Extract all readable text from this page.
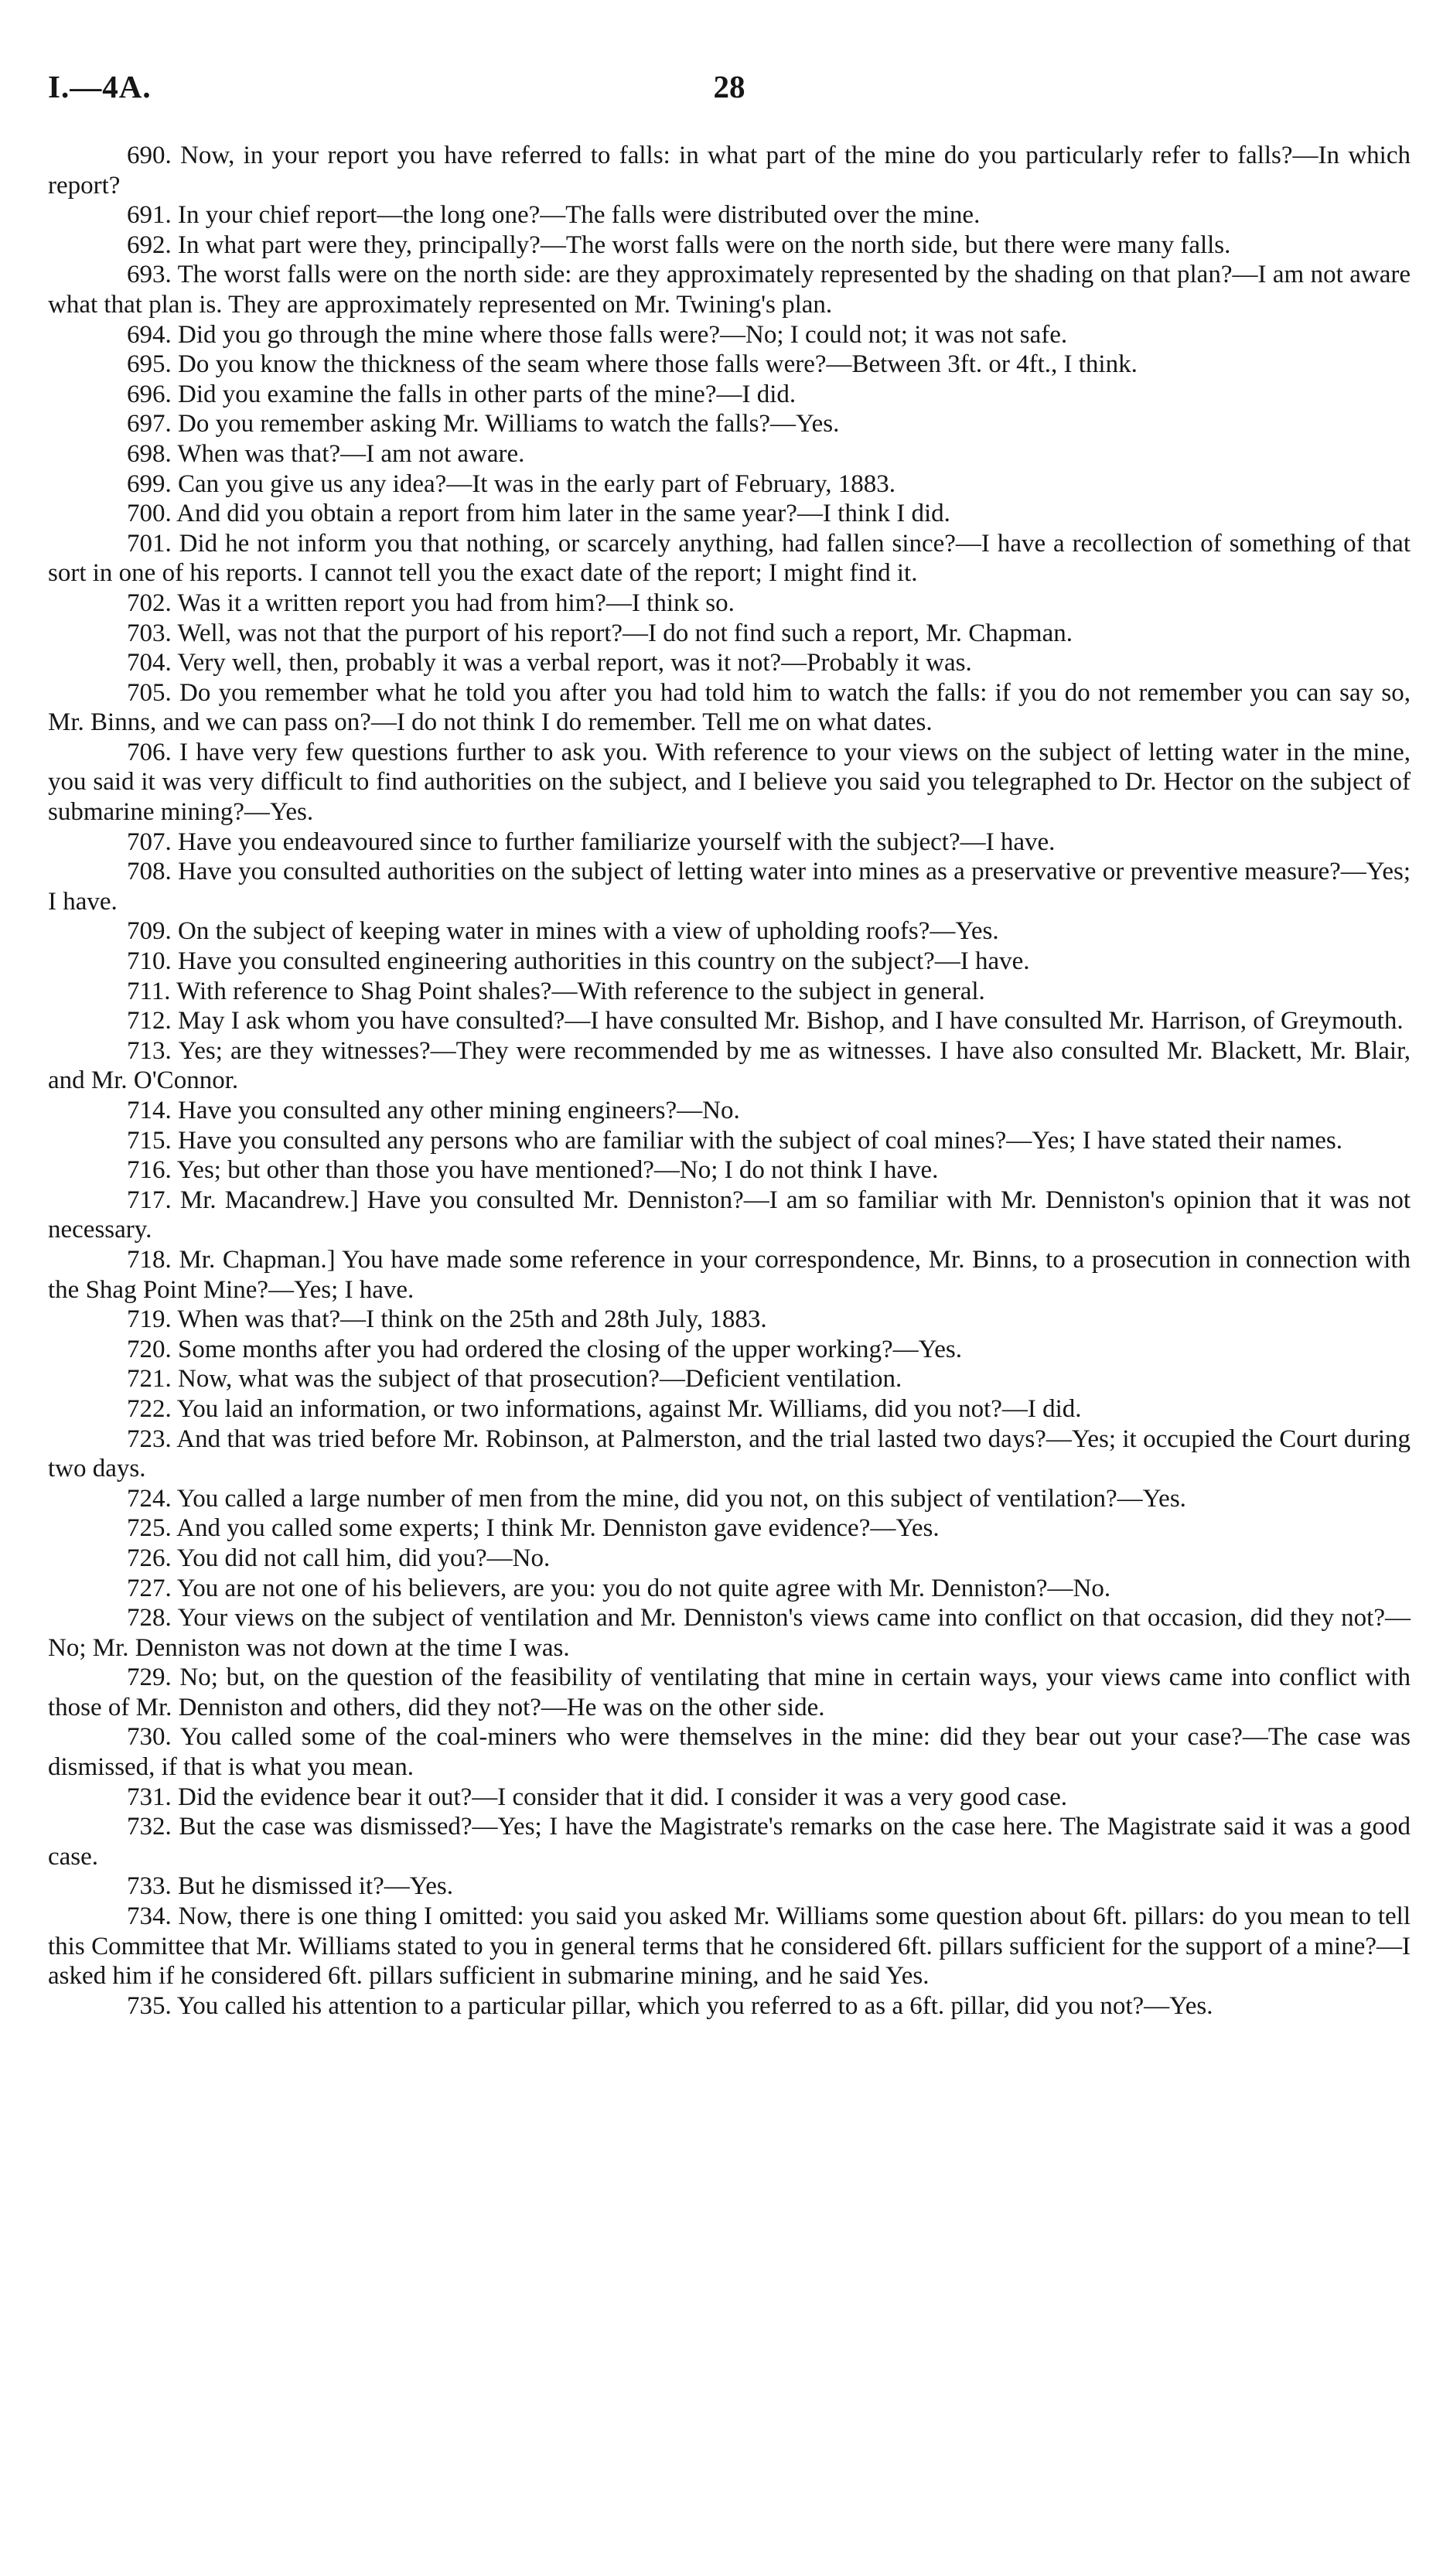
I.—4A.	28

690. Now, in your report you have referred to falls: in what part of the mine do you particularly refer to falls?—In which report?

691. In your chief report—the long one?—The falls were distributed over the mine.

692. In what part were they, principally?—The worst falls were on the north side, but there were many falls.

693. The worst falls were on the north side: are they approximately represented by the shading on that plan?—I am not aware what that plan is. They are approximately represented on Mr. Twining's plan.

694. Did you go through the mine where those falls were?—No; I could not; it was not safe.

695. Do you know the thickness of the seam where those falls were?—Between 3ft. or 4ft., I think.

696. Did you examine the falls in other parts of the mine?—I did.

697. Do you remember asking Mr. Williams to watch the falls?—Yes.

698. When was that?—I am not aware.

699. Can you give us any idea?—It was in the early part of February, 1883.

700. And did you obtain a report from him later in the same year?—I think I did.

701. Did he not inform you that nothing, or scarcely anything, had fallen since?—I have a recollection of something of that sort in one of his reports. I cannot tell you the exact date of the report; I might find it.

702. Was it a written report you had from him?—I think so.

703. Well, was not that the purport of his report?—I do not find such a report, Mr. Chapman.

704. Very well, then, probably it was a verbal report, was it not?—Probably it was.

705. Do you remember what he told you after you had told him to watch the falls: if you do not remember you can say so, Mr. Binns, and we can pass on?—I do not think I do remember. Tell me on what dates.

706. I have very few questions further to ask you. With reference to your views on the subject of letting water in the mine, you said it was very difficult to find authorities on the subject, and I believe you said you telegraphed to Dr. Hector on the subject of submarine mining?—Yes.

707. Have you endeavoured since to further familiarize yourself with the subject?—I have.

708. Have you consulted authorities on the subject of letting water into mines as a preservative or preventive measure?—Yes; I have.

709. On the subject of keeping water in mines with a view of upholding roofs?—Yes.

710. Have you consulted engineering authorities in this country on the subject?—I have.

711. With reference to Shag Point shales?—With reference to the subject in general.

712. May I ask whom you have consulted?—I have consulted Mr. Bishop, and I have consulted Mr. Harrison, of Greymouth.

713. Yes; are they witnesses?—They were recommended by me as witnesses. I have also consulted Mr. Blackett, Mr. Blair, and Mr. O'Connor.

714. Have you consulted any other mining engineers?—No.

715. Have you consulted any persons who are familiar with the subject of coal mines?—Yes; I have stated their names.

716. Yes; but other than those you have mentioned?—No; I do not think I have.

717. Mr. Macandrew.] Have you consulted Mr. Denniston?—I am so familiar with Mr. Denniston's opinion that it was not necessary.

718. Mr. Chapman.] You have made some reference in your correspondence, Mr. Binns, to a prosecution in connection with the Shag Point Mine?—Yes; I have.

719. When was that?—I think on the 25th and 28th July, 1883.

720. Some months after you had ordered the closing of the upper working?—Yes.

721. Now, what was the subject of that prosecution?—Deficient ventilation.

722. You laid an information, or two informations, against Mr. Williams, did you not?—I did.

723. And that was tried before Mr. Robinson, at Palmerston, and the trial lasted two days?—Yes; it occupied the Court during two days.

724. You called a large number of men from the mine, did you not, on this subject of ventilation?—Yes.

725. And you called some experts; I think Mr. Denniston gave evidence?—Yes.

726. You did not call him, did you?—No.

727. You are not one of his believers, are you: you do not quite agree with Mr. Denniston?—No.

728. Your views on the subject of ventilation and Mr. Denniston's views came into conflict on that occasion, did they not?—No; Mr. Denniston was not down at the time I was.

729. No; but, on the question of the feasibility of ventilating that mine in certain ways, your views came into conflict with those of Mr. Denniston and others, did they not?—He was on the other side.

730. You called some of the coal-miners who were themselves in the mine: did they bear out your case?—The case was dismissed, if that is what you mean.

731. Did the evidence bear it out?—I consider that it did. I consider it was a very good case.

732. But the case was dismissed?—Yes; I have the Magistrate's remarks on the case here. The Magistrate said it was a good case.

733. But he dismissed it?—Yes.

734. Now, there is one thing I omitted: you said you asked Mr. Williams some question about 6ft. pillars: do you mean to tell this Committee that Mr. Williams stated to you in general terms that he considered 6ft. pillars sufficient for the support of a mine?—I asked him if he considered 6ft. pillars sufficient in submarine mining, and he said Yes.

735. You called his attention to a particular pillar, which you referred to as a 6ft. pillar, did you not?—Yes.
